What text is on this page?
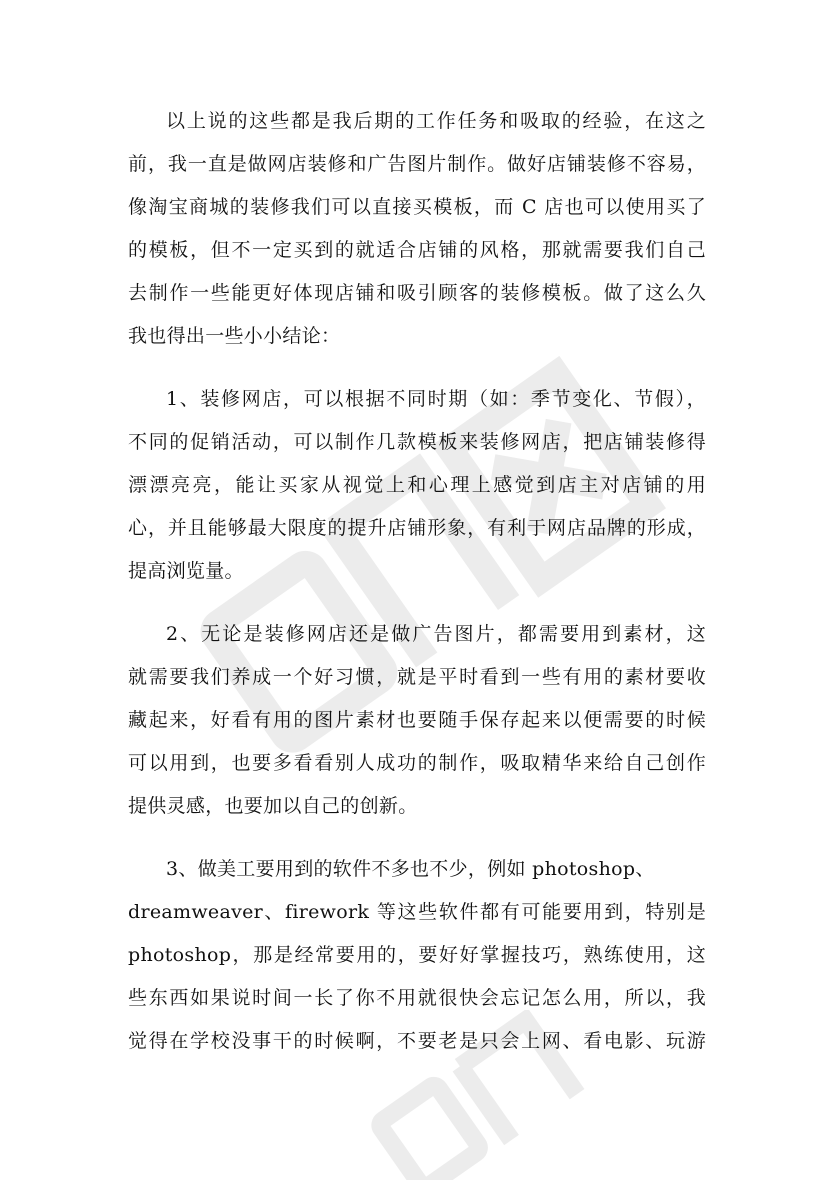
以上说的这些都是我后期的工作任务和吸取的经验，在这之
前，我一直是做网店装修和广告图片制作。做好店铺装修不容易，
像淘宝商城的装修我们可以直接买模板，而 C 店也可以使用买了
的模板，但不一定买到的就适合店铺的风格，那就需要我们自己
去制作一些能更好体现店铺和吸引顾客的装修模板。做了这么久
我也得出一些小小结论：
1、装修网店，可以根据不同时期（如：季节变化、节假），
不同的促销活动，可以制作几款模板来装修网店，把店铺装修得
漂漂亮亮，能让买家从视觉上和心理上感觉到店主对店铺的用
心，并且能够最大限度的提升店铺形象，有利于网店品牌的形成，
提高浏览量。
2、无论是装修网店还是做广告图片，都需要用到素材，这
就需要我们养成一个好习惯，就是平时看到一些有用的素材要收
藏起来，好看有用的图片素材也要随手保存起来以便需要的时候
可以用到，也要多看看别人成功的制作，吸取精华来给自己创作
提供灵感，也要加以自己的创新。
3、做美工要用到的软件不多也不少，例如 photoshop、
dreamweaver、firework 等这些软件都有可能要用到，特别是
photoshop，那是经常要用的，要好好掌握技巧，熟练使用，这
些东西如果说时间一长了你不用就很快会忘记怎么用，所以，我
觉得在学校没事干的时候啊，不要老是只会上网、看电影、玩游
